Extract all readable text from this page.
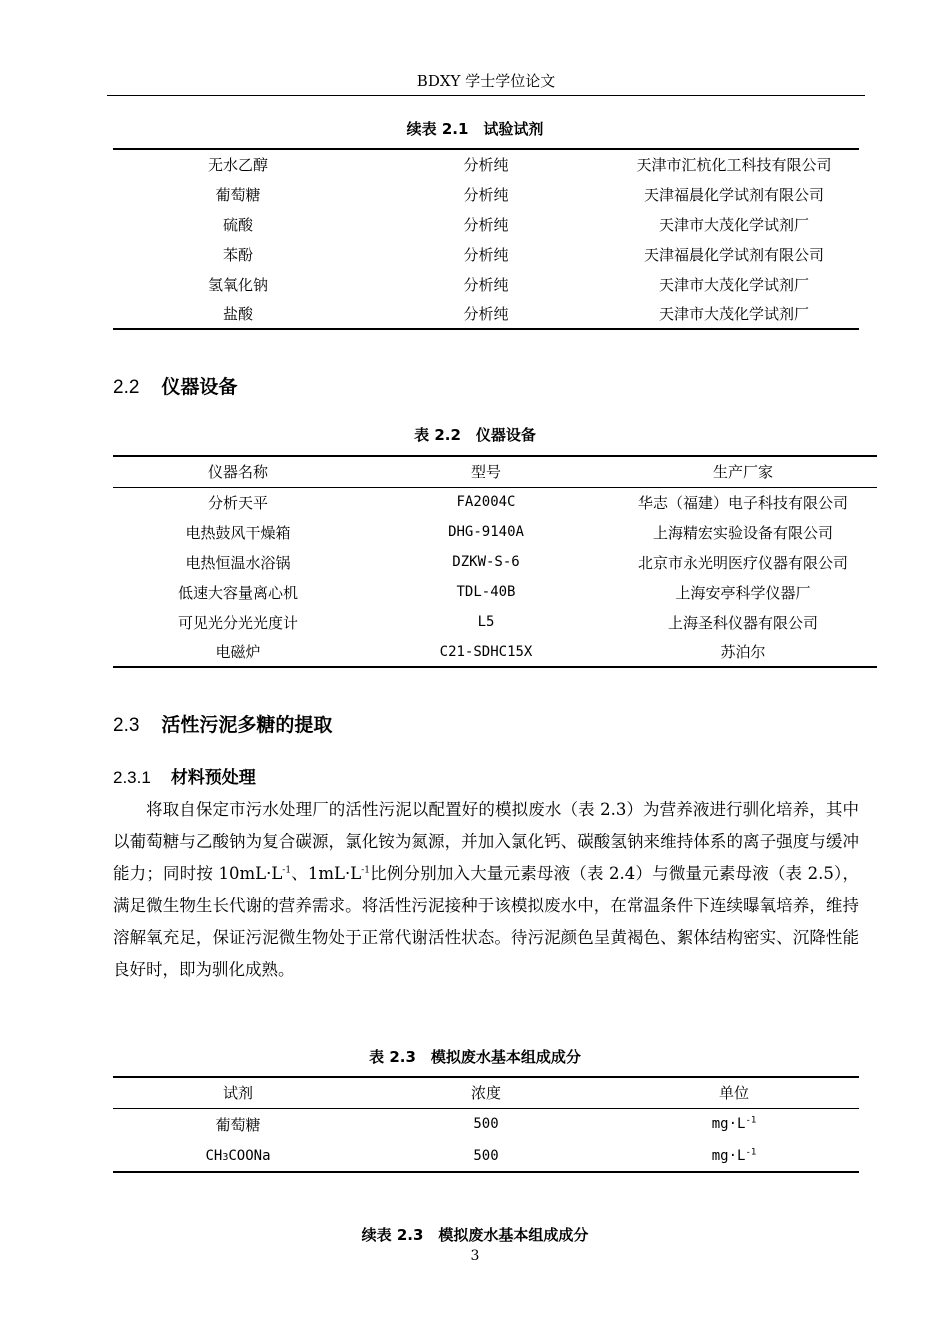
BDXY 学士学位论文
续表 2.1　试验试剂
无水乙醇	分析纯	天津市汇杭化工科技有限公司
葡萄糖	分析纯	天津福晨化学试剂有限公司
硫酸	分析纯	天津市大茂化学试剂厂
苯酚	分析纯	天津福晨化学试剂有限公司
氢氧化钠	分析纯	天津市大茂化学试剂厂
盐酸	分析纯	天津市大茂化学试剂厂
2.2 仪器设备
表 2.2　仪器设备
仪器名称	型号	生产厂家
分析天平	FA2004C	华志（福建）电子科技有限公司
电热鼓风干燥箱	DHG-9140A	上海精宏实验设备有限公司
电热恒温水浴锅	DZKW-S-6	北京市永光明医疗仪器有限公司
低速大容量离心机	TDL-40B	上海安亭科学仪器厂
可见光分光光度计	L5	上海圣科仪器有限公司
电磁炉	C21-SDHC15X	苏泊尔
2.3 活性污泥多糖的提取
2.3.1 材料预处理
将取自保定市污水处理厂的活性污泥以配置好的模拟废水（表 2.3）为营养液进行驯化培养，其中以葡萄糖与乙酸钠为复合碳源，氯化铵为氮源，并加入氯化钙、碳酸氢钠来维持体系的离子强度与缓冲能力；同时按 $10mL\cdot L^{-1}$、$1mL\cdot L^{-1}$比例分别加入大量元素母液（表 2.4）与微量元素母液（表 2.5），满足微生物生长代谢的营养需求。将活性污泥接种于该模拟废水中，在常温条件下连续曝氧培养，维持溶解氧充足，保证污泥微生物处于正常代谢活性状态。待污泥颜色呈黄褐色、絮体结构密实、沉降性能良好时，即为驯化成熟。
表 2.3　模拟废水基本组成成分
试剂	浓度	单位
葡萄糖	500	$mg\cdot L^{-1}$
CH3COONa	500	$mg\cdot L^{-1}$
续表 2.3　模拟废水基本组成成分
3
